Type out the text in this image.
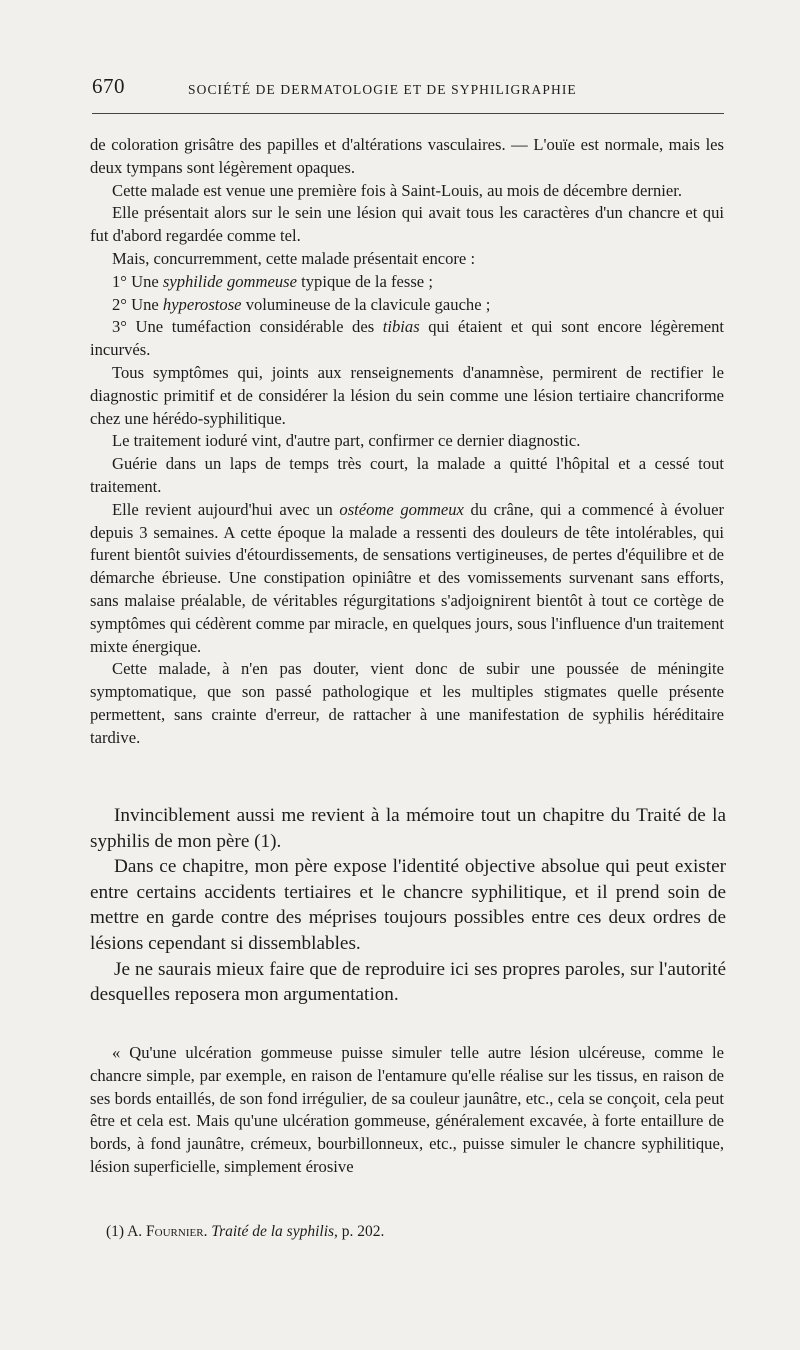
670	SOCIÉTÉ DE DERMATOLOGIE ET DE SYPHILIGRAPHIE

de coloration grisâtre des papilles et d'altérations vasculaires. — L'ouïe est normale, mais les deux tympans sont légèrement opaques.

Cette malade est venue une première fois à Saint-Louis, au mois de décembre dernier.

Elle présentait alors sur le sein une lésion qui avait tous les caractères d'un chancre et qui fut d'abord regardée comme tel.

Mais, concurremment, cette malade présentait encore :

1° Une syphilide gommeuse typique de la fesse ;

2° Une hyperostose volumineuse de la clavicule gauche ;

3° Une tuméfaction considérable des tibias qui étaient et qui sont encore légèrement incurvés.

Tous symptômes qui, joints aux renseignements d'anamnèse, permirent de rectifier le diagnostic primitif et de considérer la lésion du sein comme une lésion tertiaire chancriforme chez une hérédo-syphilitique.

Le traitement ioduré vint, d'autre part, confirmer ce dernier diagnostic.

Guérie dans un laps de temps très court, la malade a quitté l'hôpital et a cessé tout traitement.

Elle revient aujourd'hui avec un ostéome gommeux du crâne, qui a commencé à évoluer depuis 3 semaines. A cette époque la malade a ressenti des douleurs de tête intolérables, qui furent bientôt suivies d'étourdissements, de sensations vertigineuses, de pertes d'équilibre et de démarche ébrieuse. Une constipation opiniâtre et des vomissements survenant sans efforts, sans malaise préalable, de véritables régurgitations s'adjoignirent bientôt à tout ce cortège de symptômes qui cédèrent comme par miracle, en quelques jours, sous l'influence d'un traitement mixte énergique.

Cette malade, à n'en pas douter, vient donc de subir une poussée de méningite symptomatique, que son passé pathologique et les multiples stigmates quelle présente permettent, sans crainte d'erreur, de rattacher à une manifestation de syphilis héréditaire tardive.

Invinciblement aussi me revient à la mémoire tout un chapitre du Traité de la syphilis de mon père (1).

Dans ce chapitre, mon père expose l'identité objective absolue qui peut exister entre certains accidents tertiaires et le chancre syphilitique, et il prend soin de mettre en garde contre des méprises toujours possibles entre ces deux ordres de lésions cependant si dissemblables.

Je ne saurais mieux faire que de reproduire ici ses propres paroles, sur l'autorité desquelles reposera mon argumentation.

« Qu'une ulcération gommeuse puisse simuler telle autre lésion ulcéreuse, comme le chancre simple, par exemple, en raison de l'entamure qu'elle réalise sur les tissus, en raison de ses bords entaillés, de son fond irrégulier, de sa couleur jaunâtre, etc., cela se conçoit, cela peut être et cela est. Mais qu'une ulcération gommeuse, généralement excavée, à forte entaillure de bords, à fond jaunâtre, crémeux, bourbillonneux, etc., puisse simuler le chancre syphilitique, lésion superficielle, simplement érosive

(1) A. Fournier. Traité de la syphilis, p. 202.
